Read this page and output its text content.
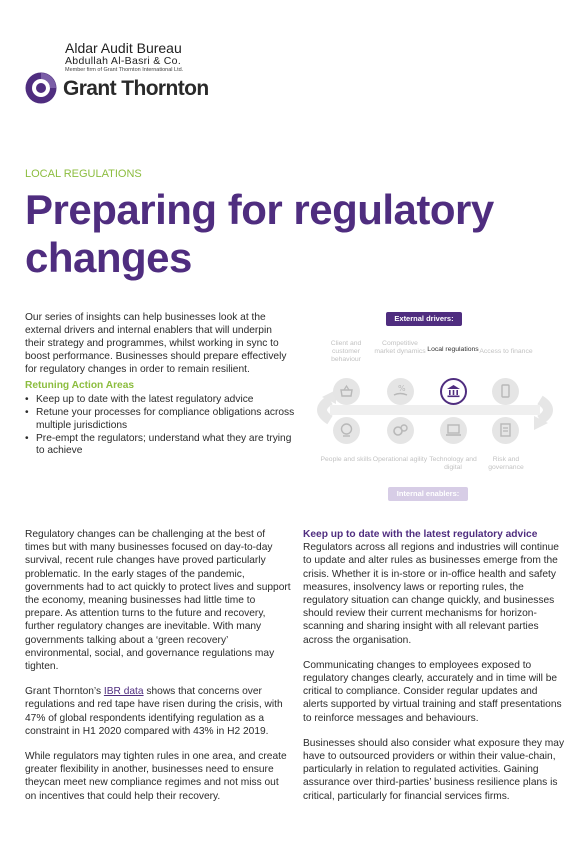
Aldar Audit Bureau
Abdullah Al-Basri & Co.
Member firm of Grant Thornton International Ltd.
Grant Thornton
LOCAL REGULATIONS
Preparing for regulatory changes

Our series of insights can help businesses look at the external drivers and internal enablers that will underpin their strategy and programmes, whilst working in sync to boost performance. Businesses should prepare effectively for regulatory changes in order to remain resilient.

Retuning Action Areas
• Keep up to date with the latest regulatory advice
• Retune your processes for compliance obligations across multiple jurisdictions
• Pre-empt the regulators; understand what they are trying to achieve
External drivers:
Client and customer behaviour
Competitive market dynamics Local regulations Access to finance
%
People and skills Operational agility Technology and digital
Risk and governance
Internal enablers:

Regulatory changes can be challenging at the best of times but with many businesses focused on day-to-day survival, recent rule changes have proved particularly problematic. In the early stages of the pandemic, governments had to act quickly to protect lives and support the economy, meaning businesses had little time to prepare. As attention turns to the future and recovery, further regulatory changes are inevitable. With many governments talking about a ‘green recovery’ environmental, social, and governance regulations may tighten.

Grant Thornton’s IBR data shows that concerns over regulations and red tape have risen during the crisis, with 47% of global respondents identifying regulation as a constraint in H1 2020 compared with 43% in H2 2019.

While regulators may tighten rules in one area, and create greater flexibility in another, businesses need to ensure theycan meet new compliance regimes and not miss out on incentives that could help their recovery.

Keep up to date with the latest regulatory advice

Regulators across all regions and industries will continue to update and alter rules as businesses emerge from the crisis. Whether it is in-store or in-office health and safety measures, insolvency laws or reporting rules, the regulatory situation can change quickly, and businesses should review their current mechanisms for horizon-scanning and sharing insight with all relevant parties across the organisation.

Communicating changes to employees exposed to regulatory changes clearly, accurately and in time will be critical to compliance. Consider regular updates and alerts supported by virtual training and staff presentations to reinforce messages and behaviours.

Businesses should also consider what exposure they may have to outsourced providers or within their value-chain, particularly in relation to regulated activities. Gaining assurance over third-parties’ business resilience plans is critical, particularly for financial services firms.
